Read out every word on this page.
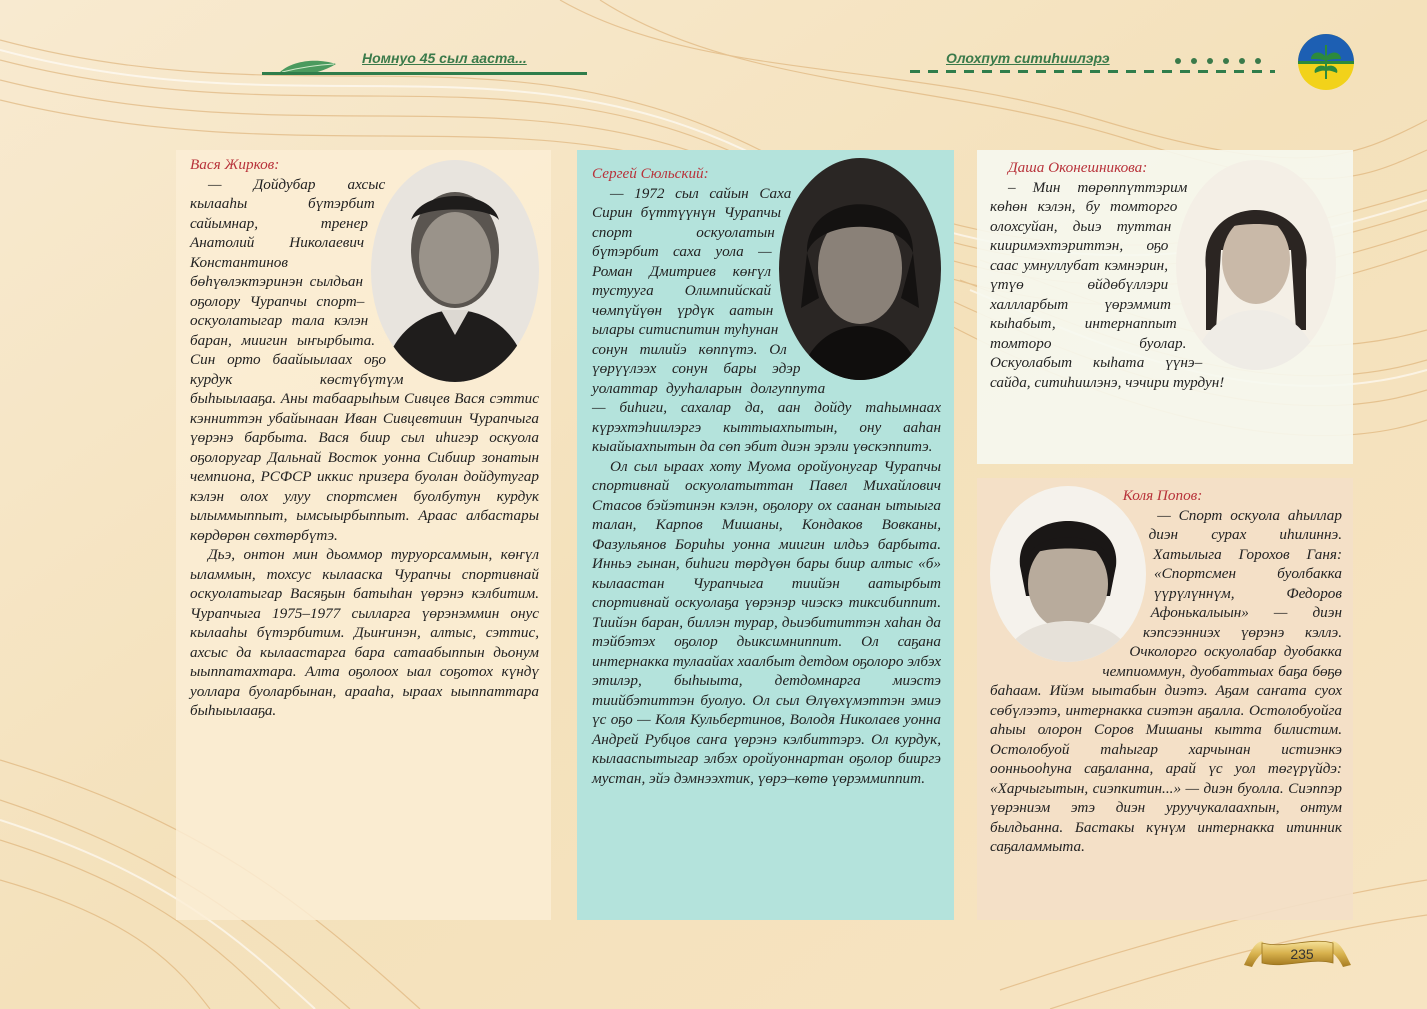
Номнуо 45 сыл ааста...	Олохпут ситиһиилэрэ
Вася Жирков:

— Дойдубар ахсыс кылааһы бүтэрбит сайымнар, тренер Анатолий Николаевич Константинов бөһүөлэктэринэн сылдьан оҕолору Чурапчы спорт–оскуолатыгар тала кэлэн баран, миигин ыҥырбыта. Син орто баайыылаах оҕо курдук көстүбүтүм быһыылааҕа. Аны табаарыһым Сивцев Вася сэттис кэнниттэн убайынаан Иван Сивцевтиин Чурапчыга үөрэнэ барбыта. Вася биир сыл иһигэр оскуола оҕолоругар Дальнай Восток уонна Сибиир зонатын чемпиона, РСФСР иккис призера буолан дойдутугар кэлэн олох улуу спортсмен буолбутун курдук ылыммыппыт, ымсыырбыппыт. Араас албастары көрдөрөн сөхтөрбүтэ.

Дьэ, онтон мин дьоммор туруорсаммын, көҥүл ыламмын, тохсус кылааска Чурапчы спортивнай оскуолатыгар Васяҕын батыһан үөрэнэ кэлбитим. Чурапчыга 1975–1977 сылларга үөрэнэммин онус кылааһы бүтэрбитим. Дьиҥинэн, алтыс, сэттис, ахсыс да кылаастарга бара сатаабыппын дьонум ыыппатахтара. Алта оҕолоох ыал соҕотох күндү уоллара буоларбынан, арааһа, ыраах ыыппаттара быһыылааҕа.

Сергей Сюльский:

— 1972 сыл сайын Саха Сирин бүттүүнүн Чурапчы спорт оскуолатын бүтэрбит саха уола — Роман Дмитриев көҥүл тустууга Олимпийскай чөмпүйүөн үрдүк аатын ылары ситиспитин туһунан сонун тилийэ көппүтэ. Ол үөрүүлээх сонун бары эдэр уолаттар дууһаларын долгуппута — биһиги, сахалар да, аан дойду таһымнаах күрэхтэһиилэргэ кыттыахпытын, ону ааһан кыайыахпытын да сөп эбит диэн эрэли үөскэппитэ.

Ол сыл ыраах хоту Муома оройуонугар Чурапчы спортивнай оскуолатыттан Павел Михайлович Стасов бэйэтинэн кэлэн, оҕолору ох саанан ытыыга талан, Карпов Мишаны, Кондаков Вовканы, Фазульянов Бориһы уонна миигин илдьэ барбыта. Инньэ гынан, биһиги төрдүөн бары биир алтыс «б» кылаастан Чурапчыга тиийэн аатырбыт спортивнай оскуолаҕа үөрэнэр чиэскэ тиксибиппит. Тиийэн баран, биллэн турар, дьиэбититтэн хаһан да тэйбэтэх оҕолор дьиксимниппит. Ол саҕана интернакка тулаайах хаалбыт детдом оҕолоро элбэх этилэр, быһыыта, детдомнарга миэстэ тиийбэтиттэн буолуо. Ол сыл Өлүөхүмэттэн эмиэ үс оҕо — Коля Кульбертинов, Володя Николаев уонна Андрей Рубцов саҥа үөрэнэ кэлбиттэрэ. Ол курдук, кылааспытыгар элбэх оройуоннартан оҕолор бииргэ мустан, эйэ дэмнээхтик, үөрэ–көтө үөрэммиппит.

Даша Оконешникова:

– Мин төрөппүттэрим көһөн кэлэн, бу томторго олохсуйан, дьиэ туттан кииримэхтэриттэн, оҕо саас умнуллубат кэмнэрин, үтүө өйдөбүллэри халлларбыт үөрэммит кыһабыт, интернаппыт томторо буолар. Оскуолабыт кыһата үүнэ–сайда, ситиһиилэнэ, чэчири турдун!

Коля Попов:

— Спорт оскуола аһыллар диэн сурах иһилиннэ. Хатылыга Горохов Ганя: «Спортсмен буолбакка үүрүлүннүм, Федоров Афонькалыын» — диэн кэпсээнниэх үөрэнэ кэллэ. Очколорго оскуолабар дуобакка чемпиоммун, дуобаттыах баҕа бөҕө баһаам. Ийэм ыытабын диэтэ. Аҕам саҥата суох сөбүлээтэ, интернакка сиэтэн аҕалла. Остолобуойга аһыы олорон Соров Мишаны кытта билистим. Остолобуой таһыгар харчынан истиэнкэ оонньооһуна саҕаланна, арай үс уол төгүрүйдэ: «Харчыгытын, сиэпкитин...» — диэн буолла. Сиэппэр үөрэниэм этэ диэн уруучукалаахпын, онтум былдьанна. Бастакы күнүм интернакка итинник саҕаламмыта.

235
